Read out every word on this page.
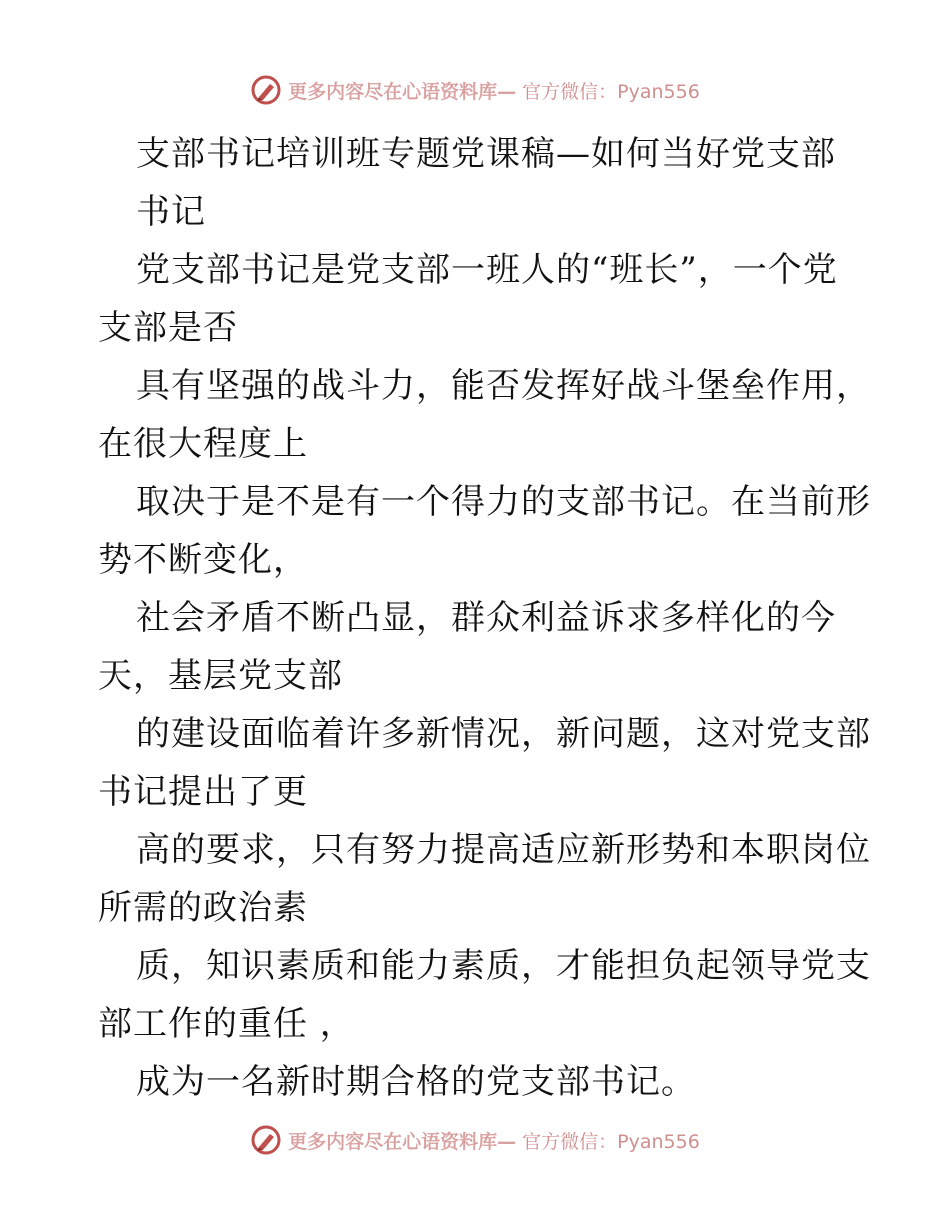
更多内容尽在心语资料库— 官方微信：Pyan556

支部书记培训班专题党课稿—如何当好党支部

书记

党支部书记是党支部一班人的“班长”，一个党

支部是否

具有坚强的战斗力，能否发挥好战斗堡垒作用，

在很大程度上

取决于是不是有一个得力的支部书记。在当前形

势不断变化，

社会矛盾不断凸显，群众利益诉求多样化的今

天，基层党支部

的建设面临着许多新情况，新问题，这对党支部

书记提出了更

高的要求，只有努力提高适应新形势和本职岗位

所需的政治素

质，知识素质和能力素质，才能担负起领导党支

部工作的重任 ，

成为一名新时期合格的党支部书记。

更多内容尽在心语资料库— 官方微信：Pyan556
